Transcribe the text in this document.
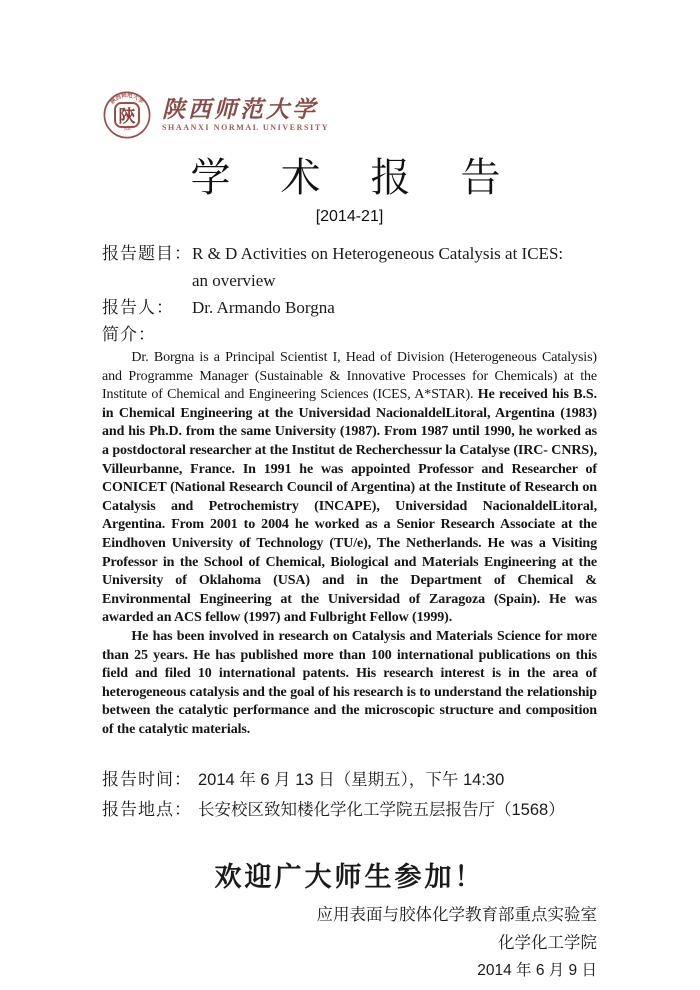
陕西师范大学
· · 1944 · ·
陝 陕西师范大学
SHAANXI NORMAL UNIVERSITY
学 术 报 告
[2014-21]
报告题目： R & D Activities on Heterogeneous Catalysis at ICES:
an overview
报告人：	Dr. Armando Borgna
简介：

Dr. Borgna is a Principal Scientist I, Head of Division (Heterogeneous Catalysis) and Programme Manager (Sustainable & Innovative Processes for Chemicals) at the Institute of Chemical and Engineering Sciences (ICES, A*STAR). He received his B.S. in Chemical Engineering at the Universidad NacionaldelLitoral, Argentina (1983) and his Ph.D. from the same University (1987). From 1987 until 1990, he worked as a postdoctoral researcher at the Institut de Recherchessur la Catalyse (IRC- CNRS), Villeurbanne, France. In 1991 he was appointed Professor and Researcher of CONICET (National Research Council of Argentina) at the Institute of Research on Catalysis and Petrochemistry (INCAPE), Universidad NacionaldelLitoral, Argentina. From 2001 to 2004 he worked as a Senior Research Associate at the Eindhoven University of Technology (TU/e), The Netherlands. He was a Visiting Professor in the School of Chemical, Biological and Materials Engineering at the University of Oklahoma (USA) and in the Department of Chemical & Environmental Engineering at the Universidad of Zaragoza (Spain). He was awarded an ACS fellow (1997) and Fulbright Fellow (1999).

He has been involved in research on Catalysis and Materials Science for more than 25 years. He has published more than 100 international publications on this field and filed 10 international patents. His research interest is in the area of heterogeneous catalysis and the goal of his research is to understand the relationship between the catalytic performance and the microscopic structure and composition of the catalytic materials.

报告时间： 2014 年 6 月 13 日（星期五），下午 14:30
报告地点： 长安校区致知楼化学化工学院五层报告厅（1568）
欢迎广大师生参加！
应用表面与胶体化学教育部重点实验室
化学化工学院
2014 年 6 月 9 日
